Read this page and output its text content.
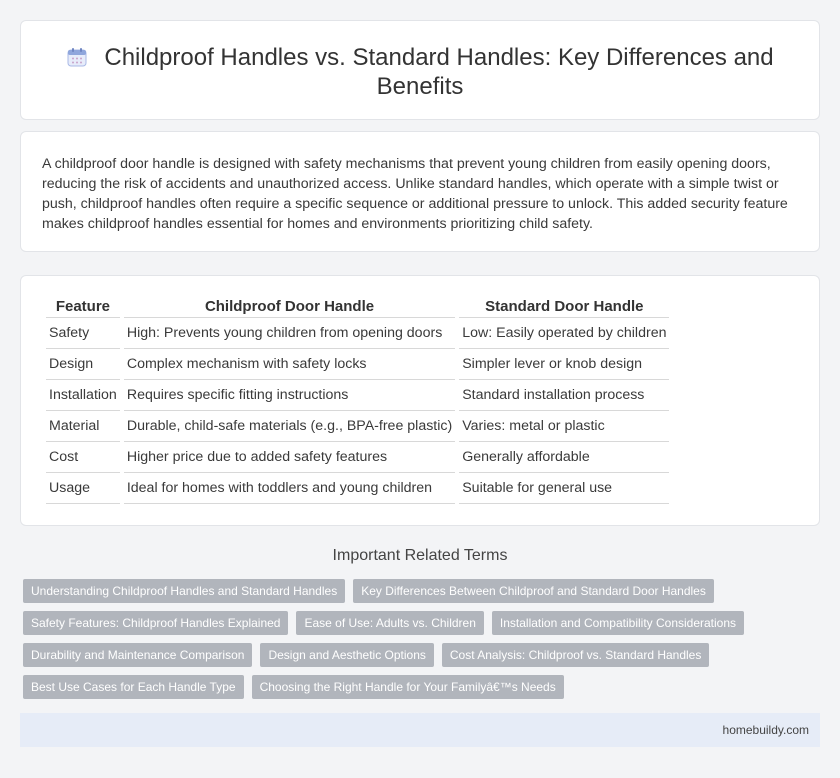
Childproof Handles vs. Standard Handles: Key Differences and Benefits

A childproof door handle is designed with safety mechanisms that prevent young children from easily opening doors, reducing the risk of accidents and unauthorized access. Unlike standard handles, which operate with a simple twist or push, childproof handles often require a specific sequence or additional pressure to unlock. This added security feature makes childproof handles essential for homes and environments prioritizing child safety.

Feature	Childproof Door Handle	Standard Door Handle
Safety	High: Prevents young children from opening doors	Low: Easily operated by children
Design	Complex mechanism with safety locks	Simpler lever or knob design
Installation	Requires specific fitting instructions	Standard installation process
Material	Durable, child-safe materials (e.g., BPA-free plastic)	Varies: metal or plastic
Cost	Higher price due to added safety features	Generally affordable
Usage	Ideal for homes with toddlers and young children	Suitable for general use
Important Related Terms
Understanding Childproof Handles and Standard Handles	Key Differences Between Childproof and Standard Door Handles
Safety Features: Childproof Handles Explained	Ease of Use: Adults vs. Children	Installation and Compatibility Considerations
Durability and Maintenance Comparison	Design and Aesthetic Options	Cost Analysis: Childproof vs. Standard Handles
Best Use Cases for Each Handle Type	Choosing the Right Handle for Your Familyâ€™s Needs
homebuildy.com
